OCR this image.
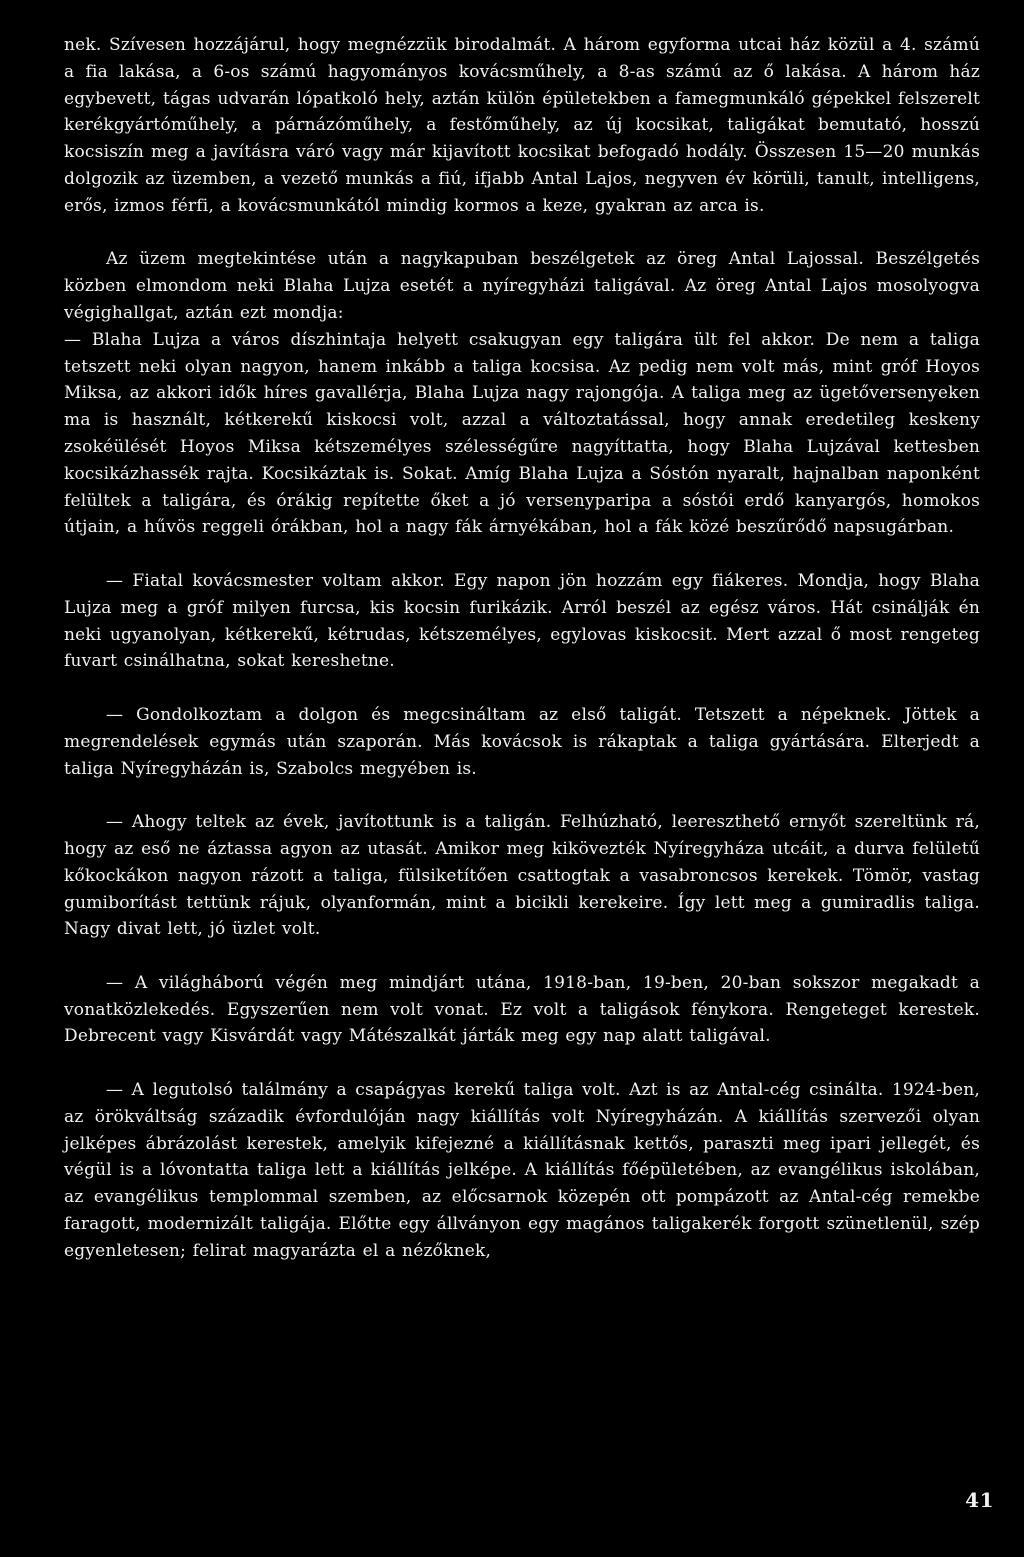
nek. Szívesen hozzájárul, hogy megnézzük birodalmát. A három egyforma utcai ház közül a 4. számú a fia lakása, a 6-os számú hagyományos kovácsműhely, a 8-as számú az ő lakása. A három ház egybevett, tágas udvarán lópatkoló hely, aztán külön épületekben a famegmunkáló gépekkel felszerelt kerékgyártóműhely, a párnázóműhely, a festőműhely, az új kocsikat, taligákat bemutató, hosszú kocsiszín meg a javításra váró vagy már kijavított kocsikat befogadó hodály. Összesen 15—20 munkás dolgozik az üzemben, a vezető munkás a fiú, ifjabb Antal Lajos, negyven év körüli, tanult, intelligens, erős, izmos férfi, a kovácsmunkától mindig kormos a keze, gyakran az arca is.

Az üzem megtekintése után a nagykapuban beszélgetek az öreg Antal Lajossal. Beszélgetés közben elmondom neki Blaha Lujza esetét a nyíregyházi taligával. Az öreg Antal Lajos mosolyogva végighallgat, aztán ezt mondja:
— Blaha Lujza a város díszhintaja helyett csakugyan egy taligára ült fel akkor. De nem a taliga tetszett neki olyan nagyon, hanem inkább a taliga kocsisa. Az pedig nem volt más, mint gróf Hoyos Miksa, az akkori idők híres gavallérja, Blaha Lujza nagy rajongója. A taliga meg az ügetőversenyeken ma is használt, kétkerekű kiskocsi volt, azzal a változtatással, hogy annak eredetileg keskeny zsokéülését Hoyos Miksa kétszemélyes szélességűre nagyíttatta, hogy Blaha Lujzával kettesben kocsikázhassék rajta. Kocsikáztak is. Sokat. Amíg Blaha Lujza a Sóstón nyaralt, hajnalban naponként felültek a taligára, és órákig repítette őket a jó versenyparipa a sóstói erdő kanyargós, homokos útjain, a hűvös reggeli órákban, hol a nagy fák árnyékában, hol a fák közé beszűrődő napsugárban.

— Fiatal kovácsmester voltam akkor. Egy napon jön hozzám egy fiákeres. Mondja, hogy Blaha Lujza meg a gróf milyen furcsa, kis kocsin furikázik. Arról beszél az egész város. Hát csinálják én neki ugyanolyan, kétkerekű, kétrudas, kétszemélyes, egylovas kiskocsit. Mert azzal ő most rengeteg fuvart csinálhatna, sokat kereshetne.

— Gondolkoztam a dolgon és megcsináltam az első taligát. Tetszett a népeknek. Jöttek a megrendelések egymás után szaporán. Más kovácsok is rákaptak a taliga gyártására. Elterjedt a taliga Nyíregyházán is, Szabolcs megyében is.

— Ahogy teltek az évek, javítottunk is a taligán. Felhúzható, leereszthető ernyőt szereltünk rá, hogy az eső ne áztassa agyon az utasát. Amikor meg kikövezték Nyíregyháza utcáit, a durva felületű kőkockákon nagyon rázott a taliga, fülsiketítően csattogtak a vasabroncsos kerekek. Tömör, vastag gumiborítást tettünk rájuk, olyanformán, mint a bicikli kerekeire. Így lett meg a gumiradlis taliga. Nagy divat lett, jó üzlet volt.

— A világháború végén meg mindjárt utána, 1918-ban, 19-ben, 20-ban sokszor megakadt a vonatközlekedés. Egyszerűen nem volt vonat. Ez volt a taligások fénykora. Rengeteget kerestek. Debrecent vagy Kisvárdát vagy Mátészalkát járták meg egy nap alatt taligával.

— A legutolsó találmány a csapágyas kerekű taliga volt. Azt is az Antal-cég csinálta. 1924-ben, az örökváltság századik évfordulóján nagy kiállítás volt Nyíregyházán. A kiállítás szervezői olyan jelképes ábrázolást kerestek, amelyik kifejezné a kiállításnak kettős, paraszti meg ipari jellegét, és végül is a lóvontatta taliga lett a kiállítás jelképe. A kiállítás főépületében, az evangélikus iskolában, az evangélikus templommal szemben, az előcsarnok közepén ott pompázott az Antal-cég remekbe faragott, modernizált taligája. Előtte egy állványon egy magános taligakerék forgott szünetlenül, szép egyenletesen; felirat magyarázta el a nézőknek,

41
